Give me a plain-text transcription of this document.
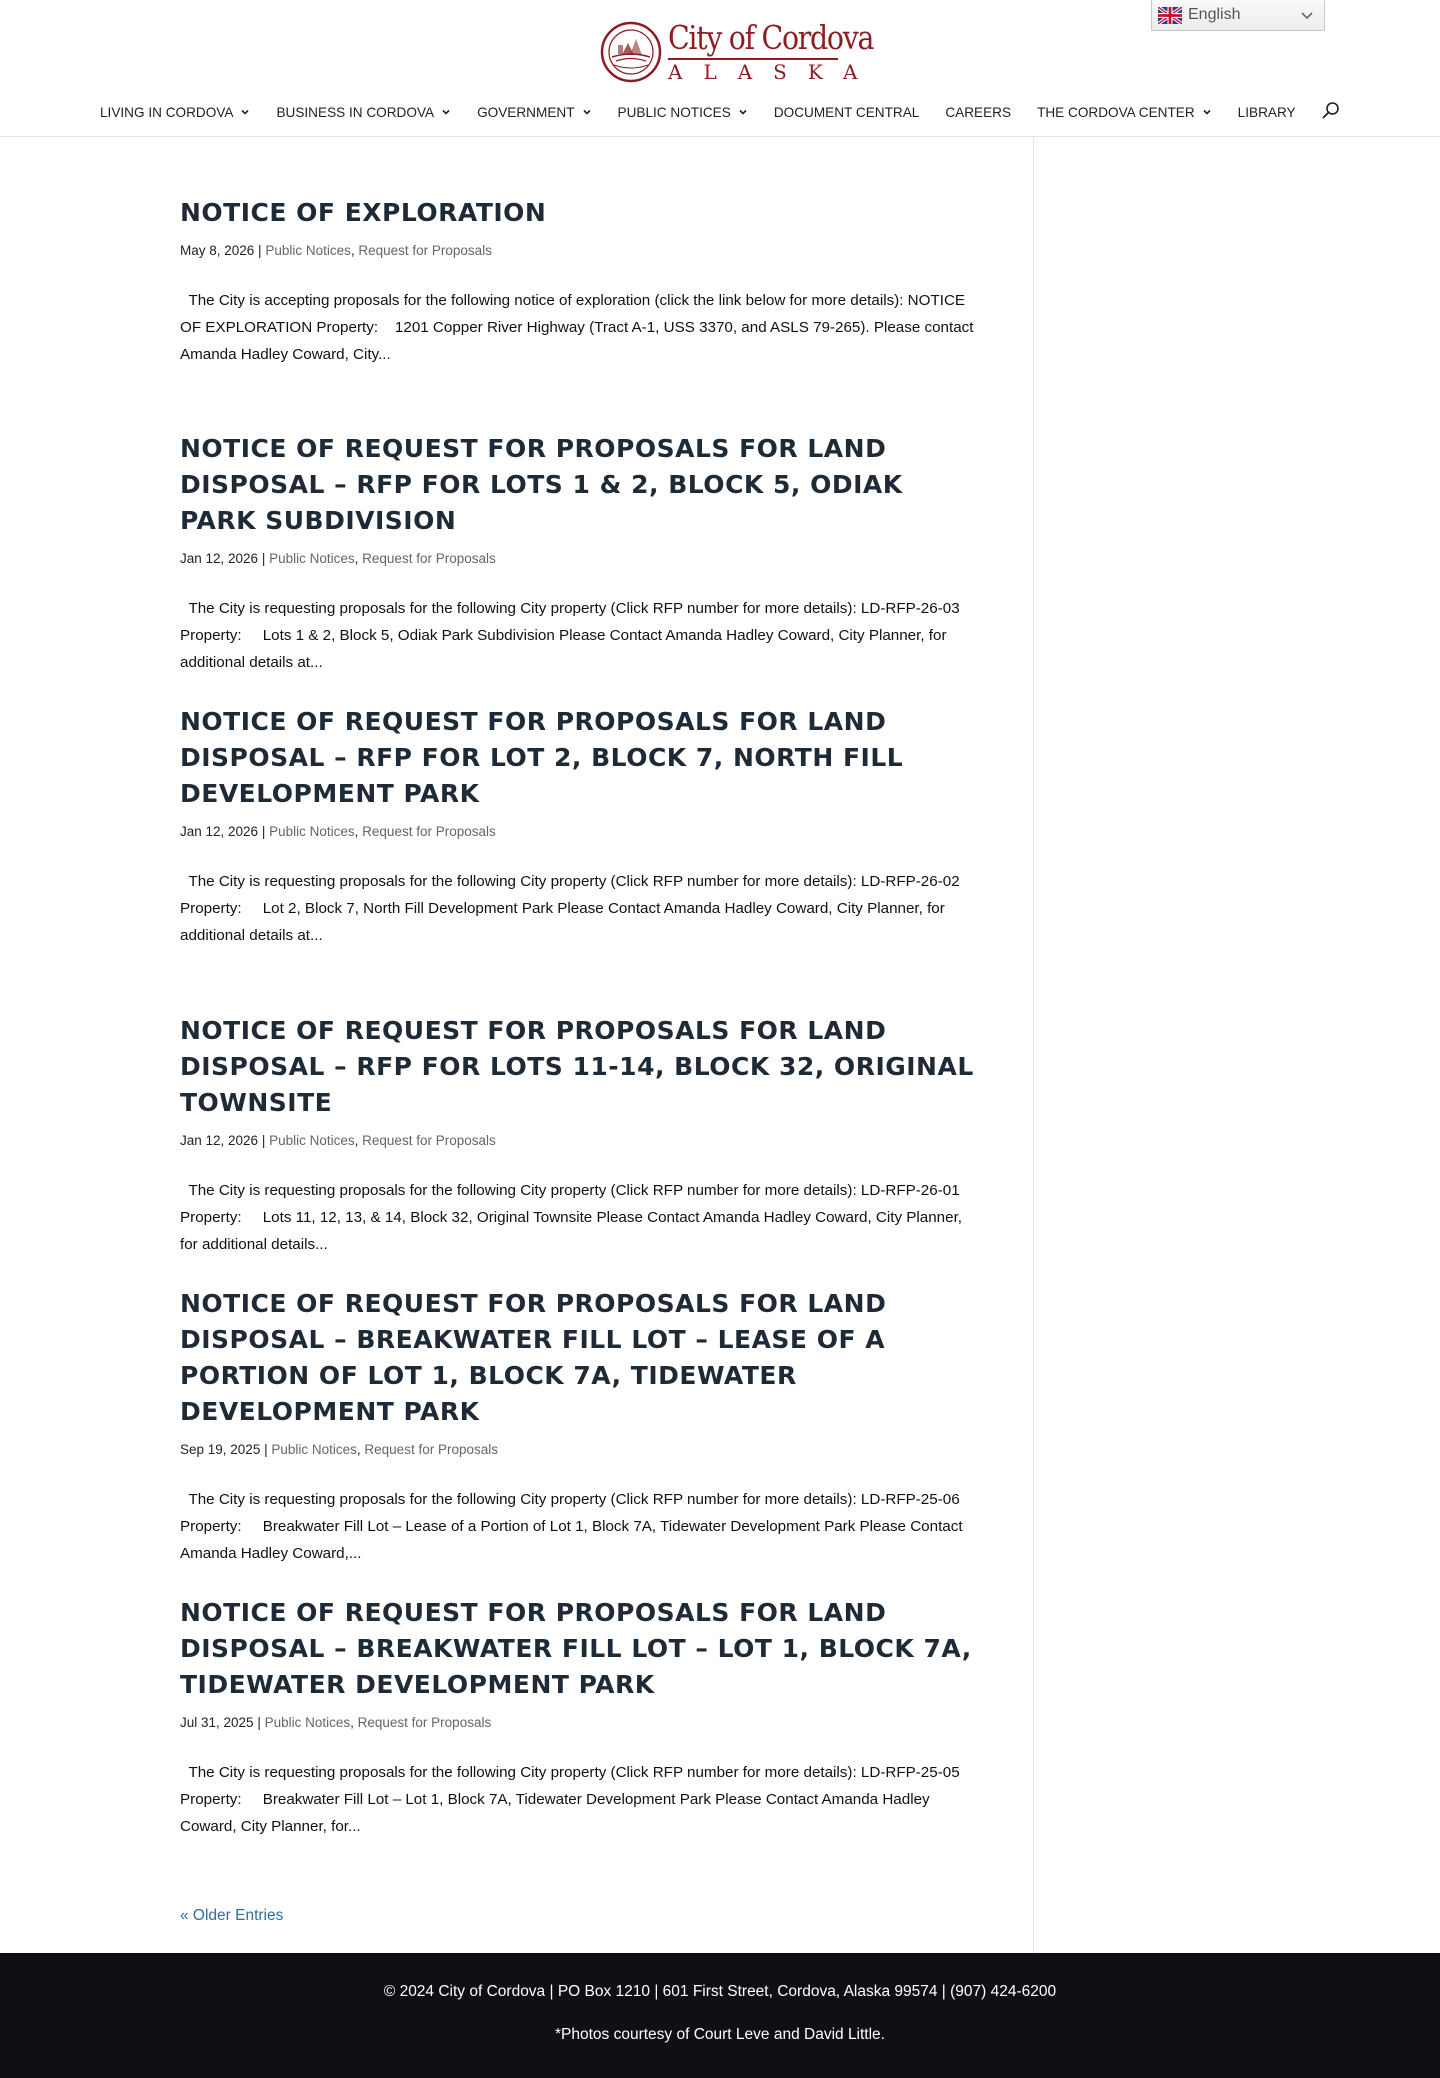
City of Cordova
ALASKA
English
LIVING IN CORDOVA	BUSINESS IN CORDOVA	GOVERNMENT	PUBLIC NOTICES	DOCUMENT CENTRAL CAREERS THE CORDOVA CENTER	LIBRARY
NOTICE OF EXPLORATION
May 8, 2026 | Public Notices, Request for Proposals

The City is accepting proposals for the following notice of exploration (click the link below for more details): NOTICE OF EXPLORATION Property:    1201 Copper River Highway (Tract A-1, USS 3370, and ASLS 79-265). Please contact Amanda Hadley Coward, City...

NOTICE OF REQUEST FOR PROPOSALS FOR LAND DISPOSAL – RFP FOR LOTS 1 & 2, BLOCK 5, ODIAK PARK SUBDIVISION
Jan 12, 2026 | Public Notices, Request for Proposals

The City is requesting proposals for the following City property (Click RFP number for more details): LD-RFP-26-03  Property:     Lots 1 & 2, Block 5, Odiak Park Subdivision Please Contact Amanda Hadley Coward, City Planner, for additional details at...

NOTICE OF REQUEST FOR PROPOSALS FOR LAND DISPOSAL – RFP FOR LOT 2, BLOCK 7, NORTH FILL DEVELOPMENT PARK
Jan 12, 2026 | Public Notices, Request for Proposals

The City is requesting proposals for the following City property (Click RFP number for more details): LD-RFP-26-02  Property:     Lot 2, Block 7, North Fill Development Park Please Contact Amanda Hadley Coward, City Planner, for additional details at...

NOTICE OF REQUEST FOR PROPOSALS FOR LAND DISPOSAL – RFP FOR LOTS 11-14, BLOCK 32, ORIGINAL TOWNSITE
Jan 12, 2026 | Public Notices, Request for Proposals

The City is requesting proposals for the following City property (Click RFP number for more details): LD-RFP-26-01  Property:     Lots 11, 12, 13, & 14, Block 32, Original Townsite Please Contact Amanda Hadley Coward, City Planner, for additional details...

NOTICE OF REQUEST FOR PROPOSALS FOR LAND DISPOSAL – BREAKWATER FILL LOT – LEASE OF A PORTION OF LOT 1, BLOCK 7A, TIDEWATER DEVELOPMENT PARK
Sep 19, 2025 | Public Notices, Request for Proposals

The City is requesting proposals for the following City property (Click RFP number for more details): LD-RFP-25-06  Property:     Breakwater Fill Lot – Lease of a Portion of Lot 1, Block 7A, Tidewater Development Park Please Contact Amanda Hadley Coward,...

NOTICE OF REQUEST FOR PROPOSALS FOR LAND DISPOSAL – BREAKWATER FILL LOT – LOT 1, BLOCK 7A, TIDEWATER DEVELOPMENT PARK
Jul 31, 2025 | Public Notices, Request for Proposals

The City is requesting proposals for the following City property (Click RFP number for more details): LD-RFP-25-05  Property:     Breakwater Fill Lot – Lot 1, Block 7A, Tidewater Development Park Please Contact Amanda Hadley Coward, City Planner, for...

« Older Entries
© 2024 City of Cordova | PO Box 1210 | 601 First Street, Cordova, Alaska 99574 | (907) 424-6200
*Photos courtesy of Court Leve and David Little.
